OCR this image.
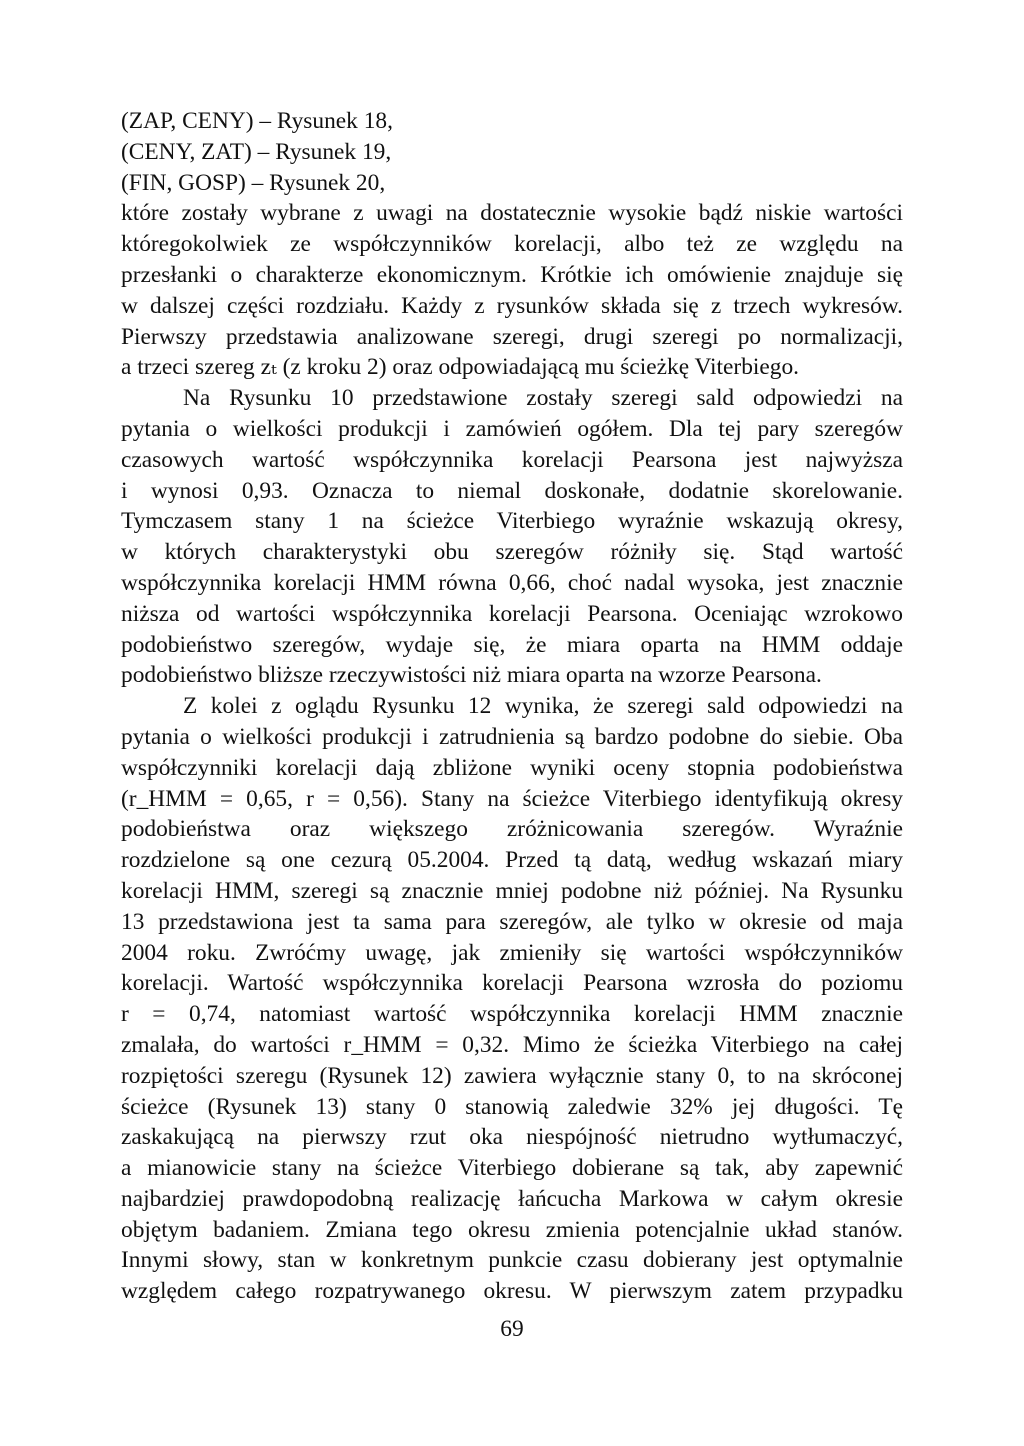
(ZAP, CENY) – Rysunek 18,
(CENY, ZAT) – Rysunek 19,
(FIN, GOSP) – Rysunek 20,
które zostały wybrane z uwagi na dostatecznie wysokie bądź niskie wartości
któregokolwiek ze współczynników korelacji, albo też ze względu na
przesłanki o charakterze ekonomicznym. Krótkie ich omówienie znajduje się
w dalszej części rozdziału. Każdy z rysunków składa się z trzech wykresów.
Pierwszy przedstawia analizowane szeregi, drugi szeregi po normalizacji,
a trzeci szereg zₜ (z kroku 2) oraz odpowiadającą mu ścieżkę Viterbiego.
Na Rysunku 10 przedstawione zostały szeregi sald odpowiedzi na
pytania o wielkości produkcji i zamówień ogółem. Dla tej pary szeregów
czasowych wartość współczynnika korelacji Pearsona jest najwyższa
i wynosi 0,93. Oznacza to niemal doskonałe, dodatnie skorelowanie.
Tymczasem stany 1 na ścieżce Viterbiego wyraźnie wskazują okresy,
w których charakterystyki obu szeregów różniły się. Stąd wartość
współczynnika korelacji HMM równa 0,66, choć nadal wysoka, jest znacznie
niższa od wartości współczynnika korelacji Pearsona. Oceniając wzrokowo
podobieństwo szeregów, wydaje się, że miara oparta na HMM oddaje
podobieństwo bliższe rzeczywistości niż miara oparta na wzorze Pearsona.
Z kolei z oglądu Rysunku 12 wynika, że szeregi sald odpowiedzi na
pytania o wielkości produkcji i zatrudnienia są bardzo podobne do siebie. Oba
współczynniki korelacji dają zbliżone wyniki oceny stopnia podobieństwa
(r_HMM = 0,65, r = 0,56). Stany na ścieżce Viterbiego identyfikują okresy
podobieństwa oraz większego zróżnicowania szeregów. Wyraźnie
rozdzielone są one cezurą 05.2004. Przed tą datą, według wskazań miary
korelacji HMM, szeregi są znacznie mniej podobne niż później. Na Rysunku
13 przedstawiona jest ta sama para szeregów, ale tylko w okresie od maja
2004 roku. Zwróćmy uwagę, jak zmieniły się wartości współczynników
korelacji. Wartość współczynnika korelacji Pearsona wzrosła do poziomu
r = 0,74, natomiast wartość współczynnika korelacji HMM znacznie
zmalała, do wartości r_HMM = 0,32. Mimo że ścieżka Viterbiego na całej
rozpiętości szeregu (Rysunek 12) zawiera wyłącznie stany 0, to na skróconej
ścieżce (Rysunek 13) stany 0 stanowią zaledwie 32% jej długości. Tę
zaskakującą na pierwszy rzut oka niespójność nietrudno wytłumaczyć,
a mianowicie stany na ścieżce Viterbiego dobierane są tak, aby zapewnić
najbardziej prawdopodobną realizację łańcucha Markowa w całym okresie
objętym badaniem. Zmiana tego okresu zmienia potencjalnie układ stanów.
Innymi słowy, stan w konkretnym punkcie czasu dobierany jest optymalnie
względem całego rozpatrywanego okresu. W pierwszym zatem przypadku
69
